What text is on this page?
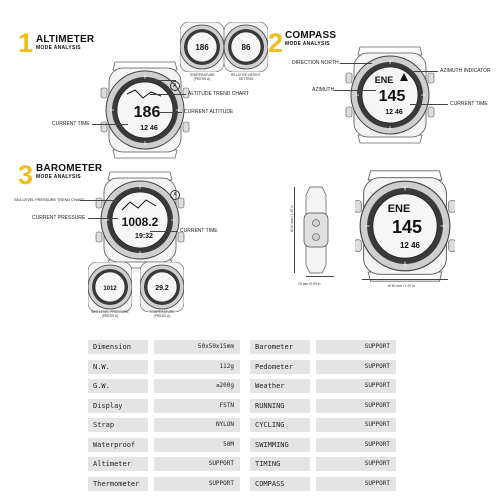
1 ALTIMETER
MODE ANALYSIS
186
12 46
186	86
TEMPERATURE
(PRESS A)
RELATIVE HEIGHT
SETTING
A
ALTITUDE TREND CHART
CURRENT ALTITUDE
CURRENT TIME
2 COMPASS
MODE ANALYSIS
ENE
145
12 46
DIRECTION NORTH
AZIMUTH INDICATOR
AZIMUTH
CURRENT TIME
3 BAROMETER
MODE ANALYSIS
1008.2
19:32
A
SEA LEVEL PRESSURE TREND CHART
CURRENT PRESSURE
CURRENT TIME
1012	29.2
SEA LEVEL PRESSURE
(PRESS A)
TEMPERATURE
(PRESS A)
Ø 50 mm / 1.97 in
15 mm /0.59 in
ENE
145
12 46
Ø 50 mm / 1.97 in
Dimension	50x50x15mm	Barometer	SUPPORT
N.W.	112g	Pedometer	SUPPORT
G.W.	≤200g	Weather	SUPPORT
Display	FSTN	RUNNING	SUPPORT
Strap	NYLON	CYCLING	SUPPORT
Waterproof	50M	SWIMMING	SUPPORT
Altimeter	SUPPORT	TIMING	SUPPORT
Thermometer	SUPPORT	COMPASS	SUPPORT
